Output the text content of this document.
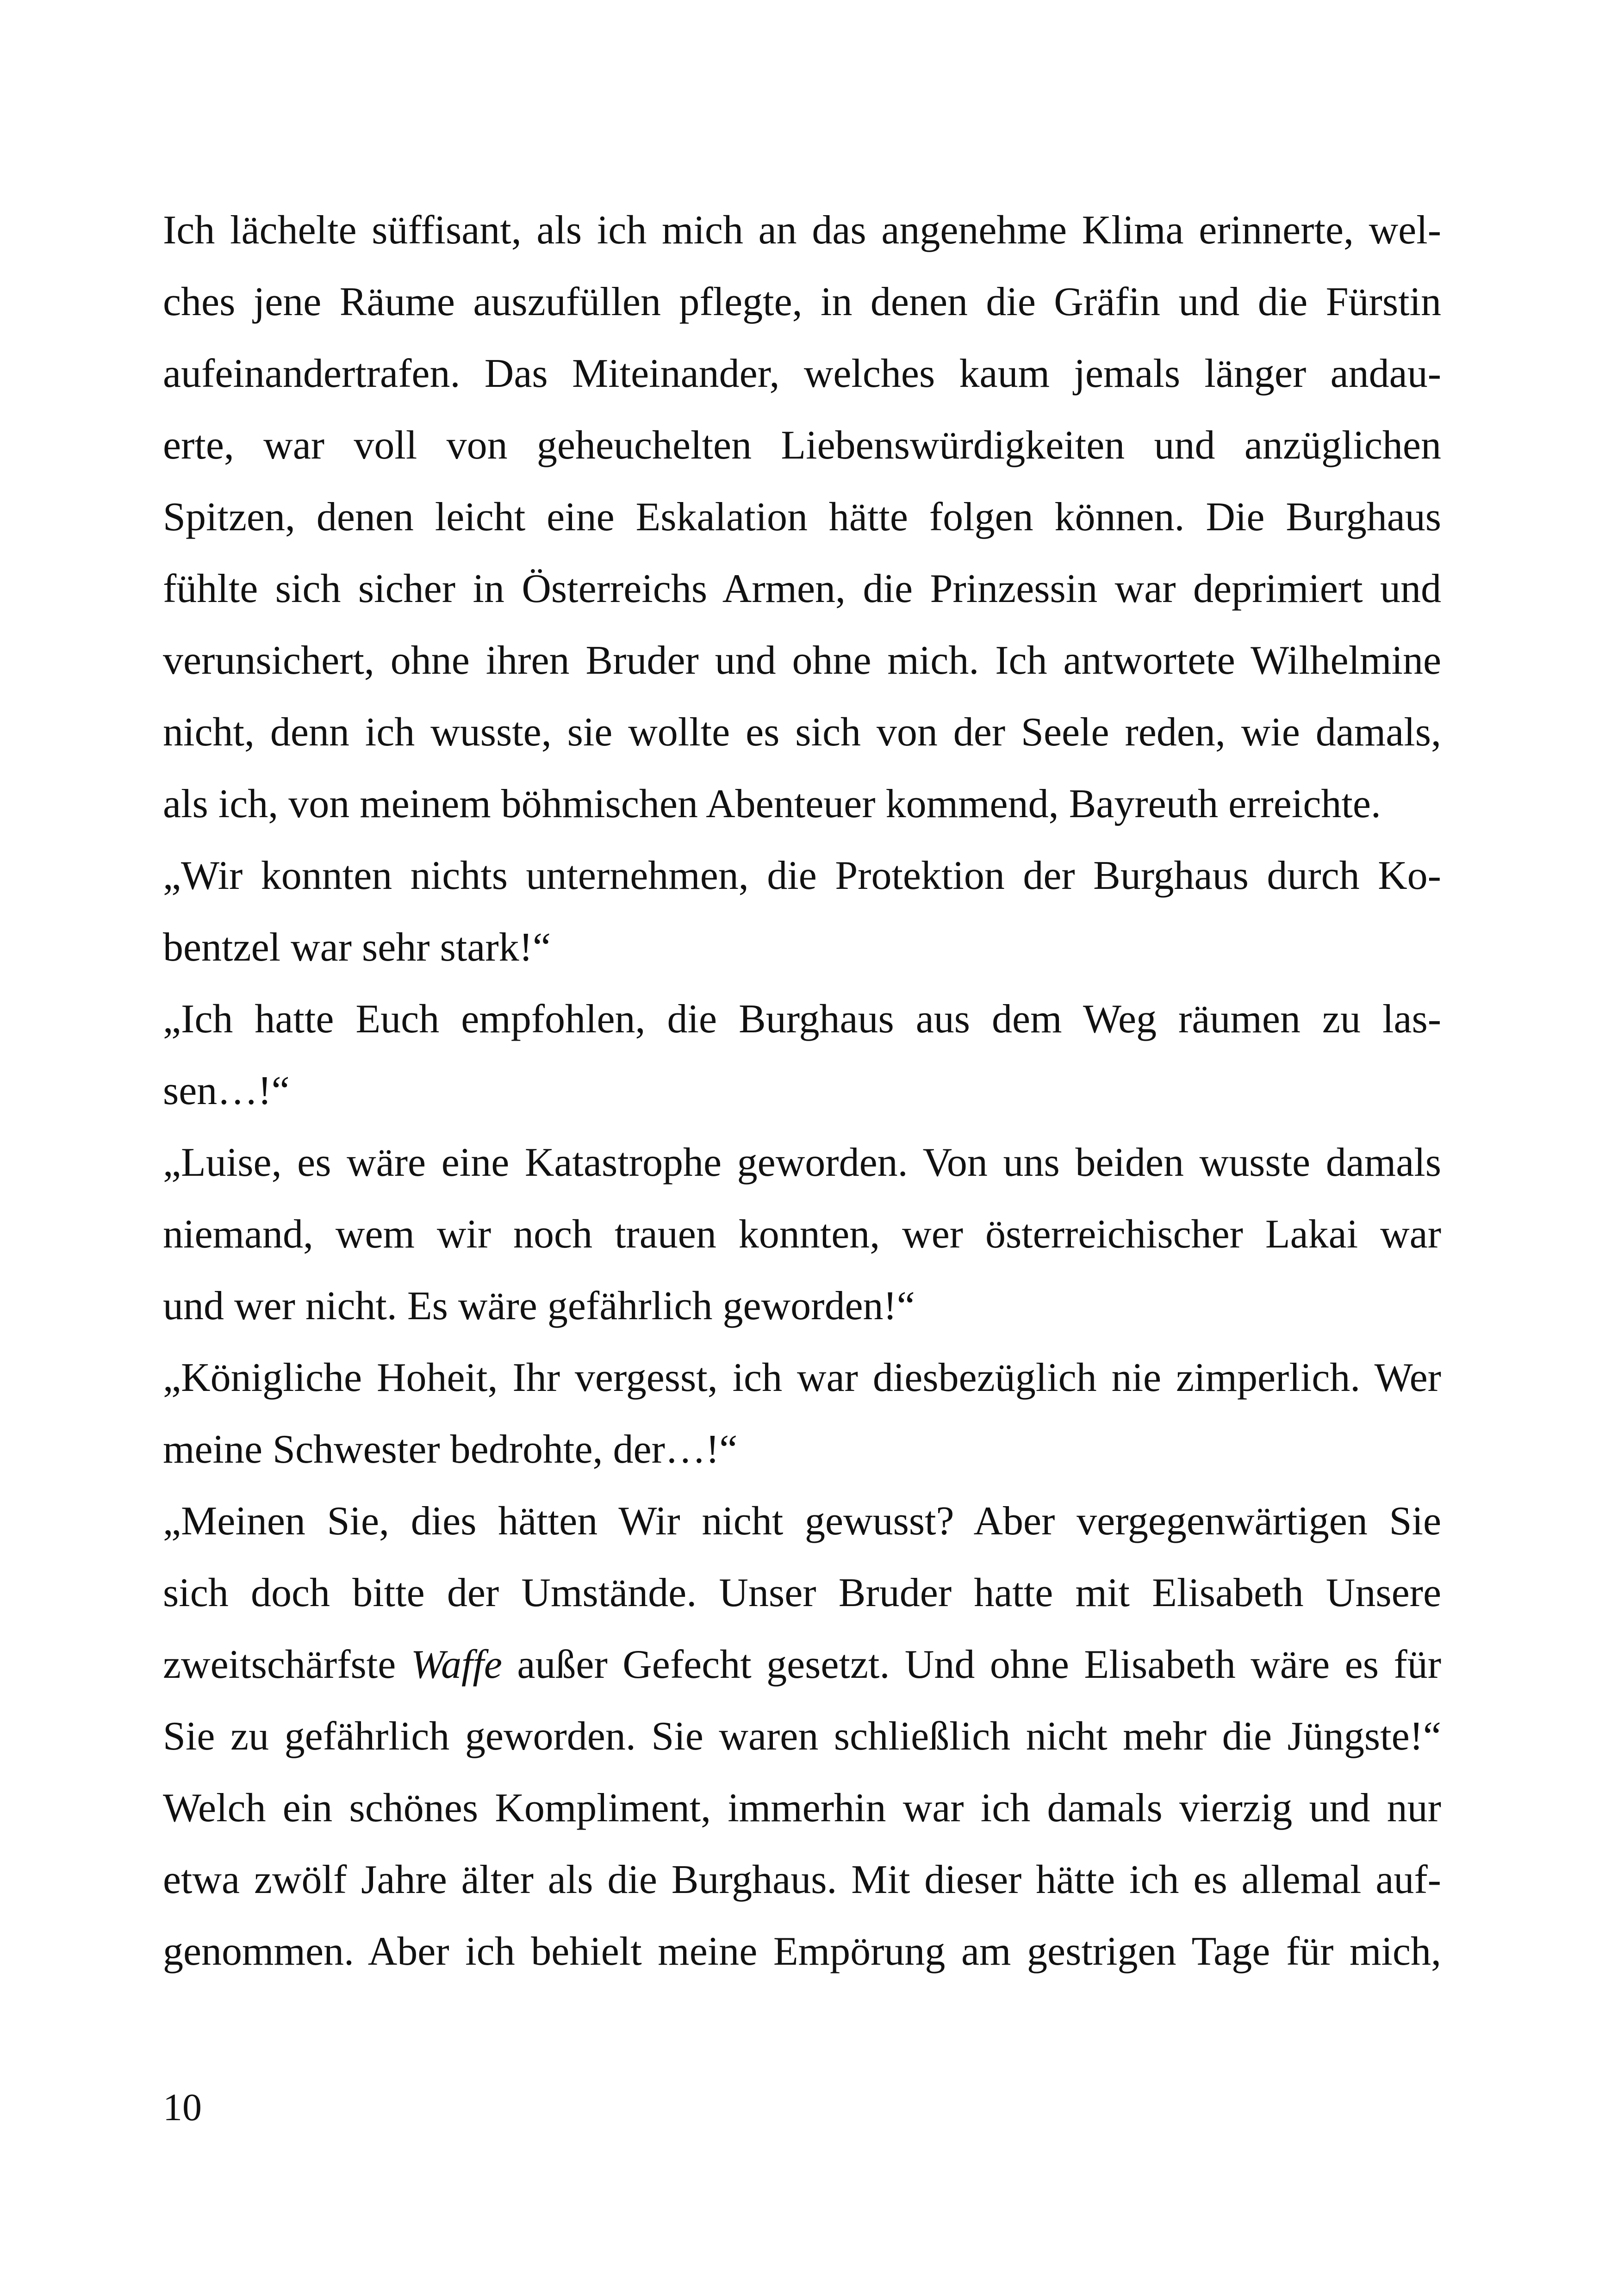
Ich lächelte süffisant, als ich mich an das angenehme Klima erinnerte, wel-
ches jene Räume auszufüllen pflegte, in denen die Gräfin und die Fürstin
aufeinandertrafen. Das Miteinander, welches kaum jemals länger andau-
erte, war voll von geheuchelten Liebenswürdigkeiten und anzüglichen
Spitzen, denen leicht eine Eskalation hätte folgen können. Die Burghaus
fühlte sich sicher in Österreichs Armen, die Prinzessin war deprimiert und
verunsichert, ohne ihren Bruder und ohne mich. Ich antwortete Wilhelmine
nicht, denn ich wusste, sie wollte es sich von der Seele reden, wie damals,
als ich, von meinem böhmischen Abenteuer kommend, Bayreuth erreichte.
„Wir konnten nichts unternehmen, die Protektion der Burghaus durch Ko-
bentzel war sehr stark!“
„Ich hatte Euch empfohlen, die Burghaus aus dem Weg räumen zu las-
sen…!“
„Luise, es wäre eine Katastrophe geworden. Von uns beiden wusste damals
niemand, wem wir noch trauen konnten, wer österreichischer Lakai war
und wer nicht. Es wäre gefährlich geworden!“
„Königliche Hoheit, Ihr vergesst, ich war diesbezüglich nie zimperlich. Wer
meine Schwester bedrohte, der…!“
„Meinen Sie, dies hätten Wir nicht gewusst? Aber vergegenwärtigen Sie
sich doch bitte der Umstände. Unser Bruder hatte mit Elisabeth Unsere
zweitschärfste Waffe außer Gefecht gesetzt. Und ohne Elisabeth wäre es für
Sie zu gefährlich geworden. Sie waren schließlich nicht mehr die Jüngste!“
Welch ein schönes Kompliment, immerhin war ich damals vierzig und nur
etwa zwölf Jahre älter als die Burghaus. Mit dieser hätte ich es allemal auf-
genommen. Aber ich behielt meine Empörung am gestrigen Tage für mich,
10
